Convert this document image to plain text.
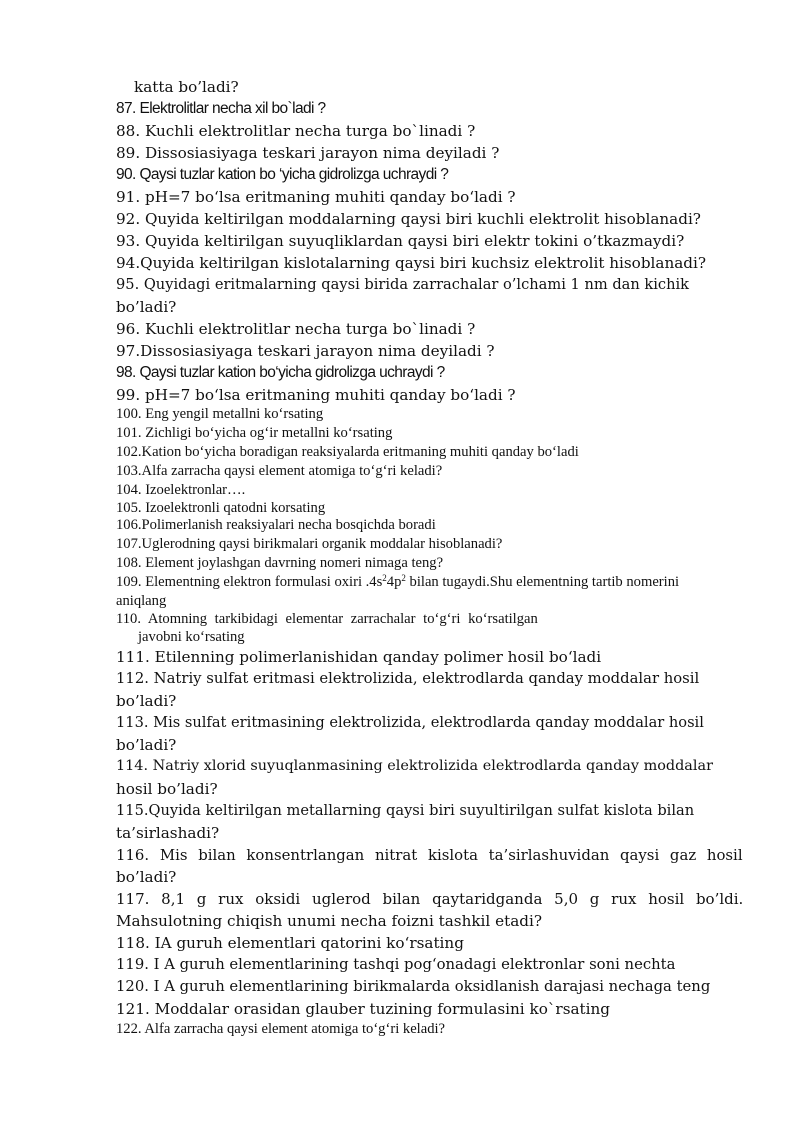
katta bo’ladi?
87. Elektrolitlar necha xil bo`ladi ?
88. Kuchli elektrolitlar necha turga bo`linadi ?
89. Dissosiasiyaga teskari jarayon nima deyiladi ?
90. Qaysi tuzlar kation bo ‘yicha gidrolizga uchraydi ?
91. pH=7 bo‘lsa eritmaning muhiti qanday bo‘ladi ?
92. Quyida keltirilgan moddalarning qaysi biri kuchli elektrolit hisoblanadi?
93. Quyida keltirilgan suyuqliklardan qaysi biri elektr tokini o’tkazmaydi?
94.Quyida keltirilgan kislotalarning qaysi biri kuchsiz elektrolit hisoblanadi?
95. Quyidagi eritmalarning qaysi birida zarrachalar o’lchami 1 nm dan kichik
bo’ladi?
96. Kuchli elektrolitlar necha turga bo`linadi ?
97.Dissosiasiyaga teskari jarayon nima deyiladi ?
98. Qaysi tuzlar kation bo‘yicha gidrolizga uchraydi ?
99. pH=7 bo‘lsa eritmaning muhiti qanday bo‘ladi ?
100. Eng yengil metallni ko‘rsating
101. Zichligi bo‘yicha og‘ir metallni ko‘rsating
102.Kation bo‘yicha boradigan reaksiyalarda eritmaning muhiti qanday bo‘ladi
103.Alfa zarracha qaysi element atomiga to‘g‘ri keladi?
104. Izoelektronlar….
105. Izoelektronli qatodni korsating
106.Polimerlanish reaksiyalari necha bosqichda boradi
107.Uglerodning qaysi birikmalari organik moddalar hisoblanadi?
108. Element joylashgan davrning nomeri nimaga teng?
109. Elementning elektron formulasi oxiri $.4s^24p^2$ bilan tugaydi.Shu elementning tartib nomerini
aniqlang
110. Atomning tarkibidagi elementar zarrachalar to‘g‘ri ko‘rsatilgan
javobni ko‘rsating
111. Etilenning polimerlanishidan qanday polimer hosil bo‘ladi
112. Natriy sulfat eritmasi elektrolizida, elektrodlarda qanday moddalar hosil
bo’ladi?
113. Mis sulfat eritmasining elektrolizida, elektrodlarda qanday moddalar hosil
bo’ladi?
114. Natriy xlorid suyuqlanmasining elektrolizida elektrodlarda qanday moddalar
hosil bo’ladi?
115.Quyida keltirilgan metallarning qaysi biri suyultirilgan sulfat kislota bilan
ta’sirlashadi?
116. Mis bilan konsentrlangan nitrat kislota ta’sirlashuvidan qaysi gaz hosil
bo’ladi?
117. 8,1 g rux oksidi uglerod bilan qaytaridganda 5,0 g rux hosil bo’ldi.
Mahsulotning chiqish unumi necha foizni tashkil etadi?
118. IA guruh elementlari qatorini ko‘rsating
119. I A guruh elementlarining tashqi pog‘onadagi elektronlar soni nechta
120. I A guruh elementlarining birikmalarda oksidlanish darajasi nechaga teng
121. Moddalar orasidan glauber tuzining formulasini ko`rsating
122. Alfa zarracha qaysi element atomiga to‘g‘ri keladi?
